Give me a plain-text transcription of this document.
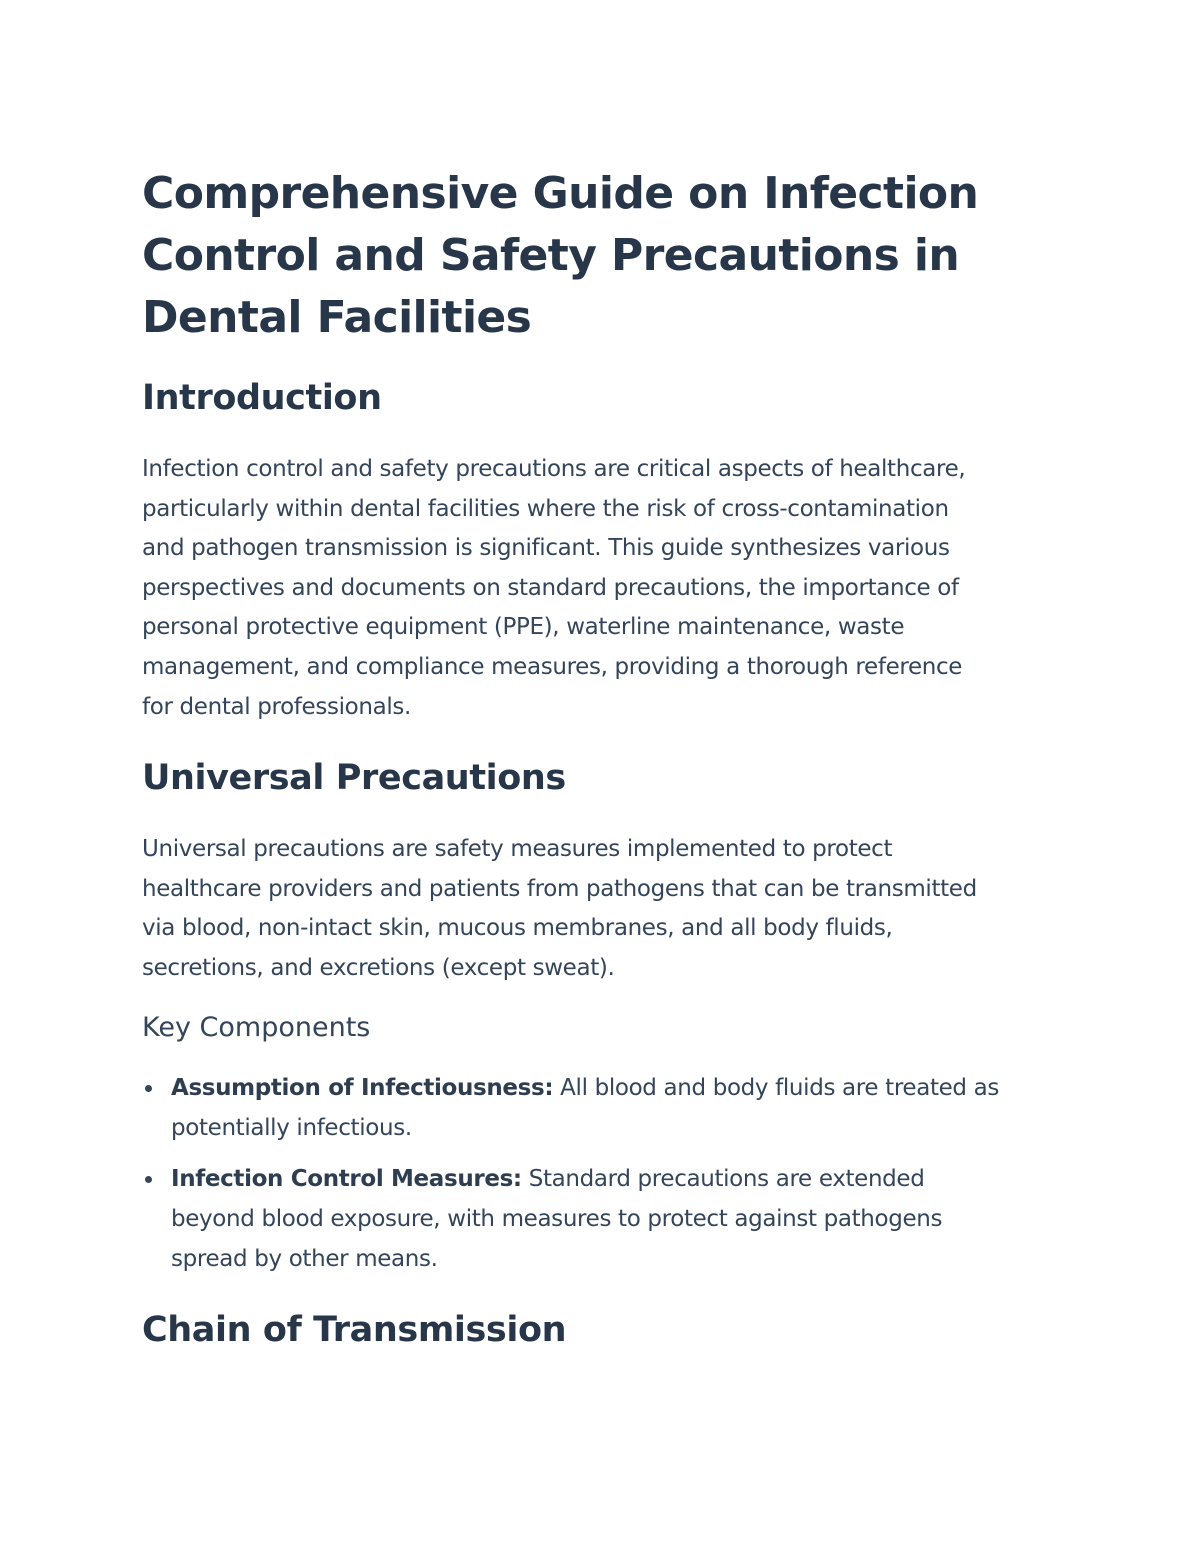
Comprehensive Guide on Infection
Control and Safety Precautions in
Dental Facilities
Introduction

Infection control and safety precautions are critical aspects of healthcare,
particularly within dental facilities where the risk of cross-contamination
and pathogen transmission is significant. This guide synthesizes various
perspectives and documents on standard precautions, the importance of
personal protective equipment (PPE), waterline maintenance, waste
management, and compliance measures, providing a thorough reference
for dental professionals.

Universal Precautions

Universal precautions are safety measures implemented to protect
healthcare providers and patients from pathogens that can be transmitted
via blood, non-intact skin, mucous membranes, and all body fluids,
secretions, and excretions (except sweat).

Key Components
Assumption of Infectiousness: All blood and body fluids are treated as
potentially infectious.
Infection Control Measures: Standard precautions are extended
beyond blood exposure, with measures to protect against pathogens
spread by other means.
Chain of Transmission
